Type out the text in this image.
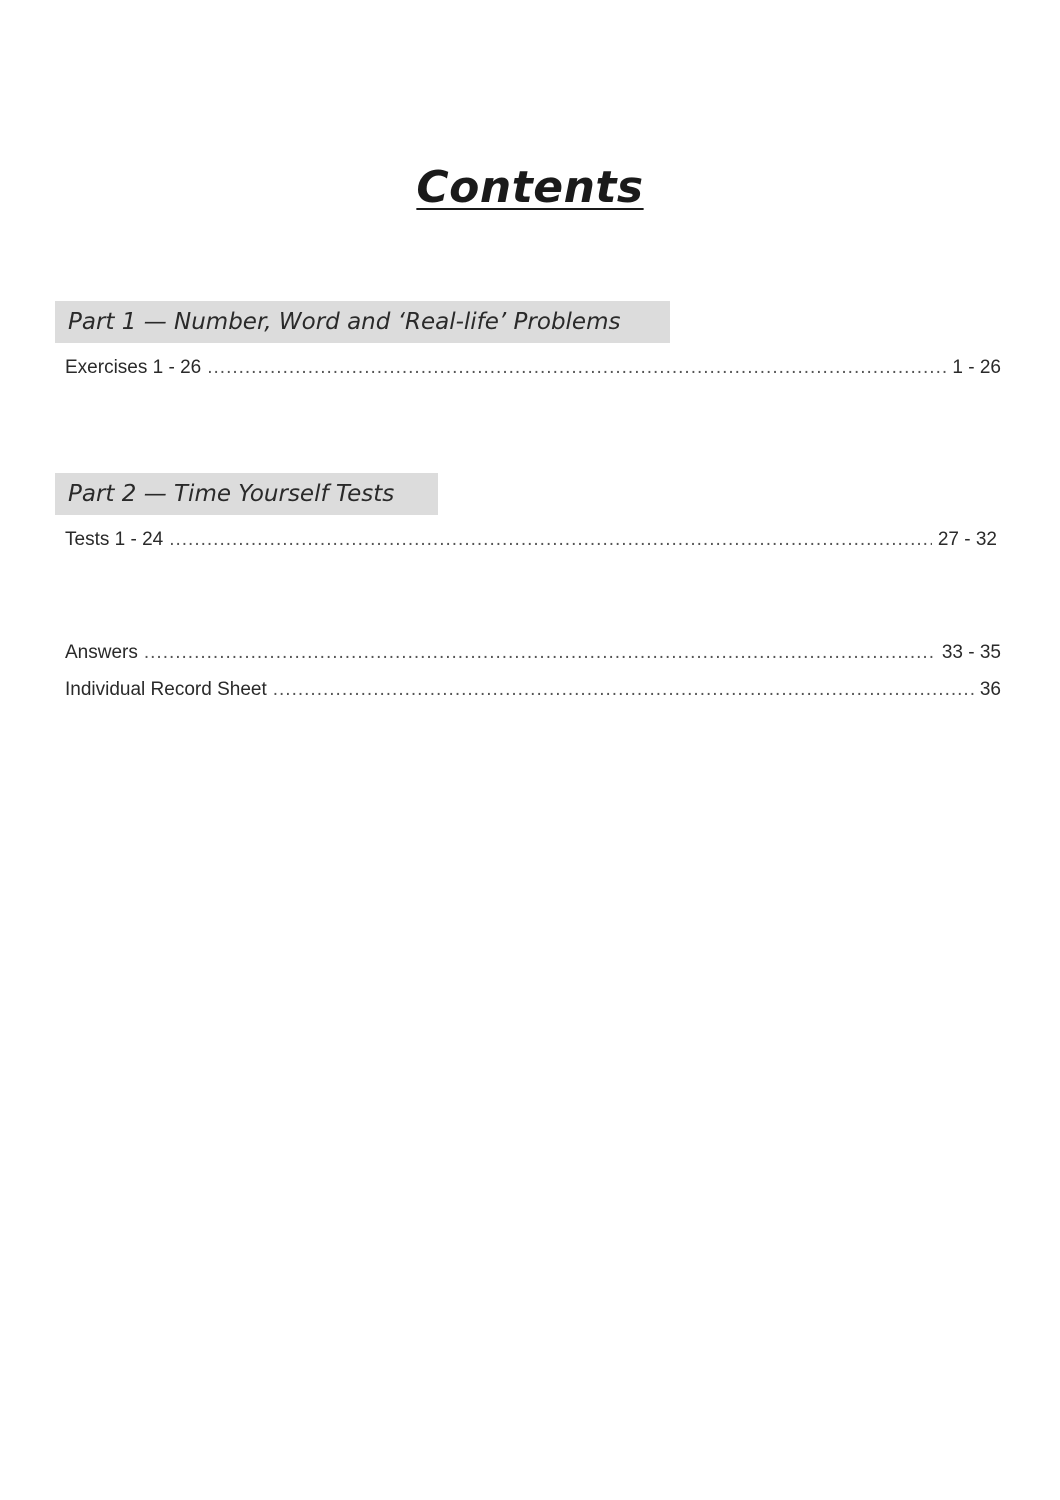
Contents
Part 1 — Number, Word and ‘Real-life’ Problems
Exercises 1 - 26 .....	1 - 26
Part 2 — Time Yourself Tests
Tests 1 - 24 .....	27 - 32
Answers .....	33 - 35
Individual Record Sheet .....	36
